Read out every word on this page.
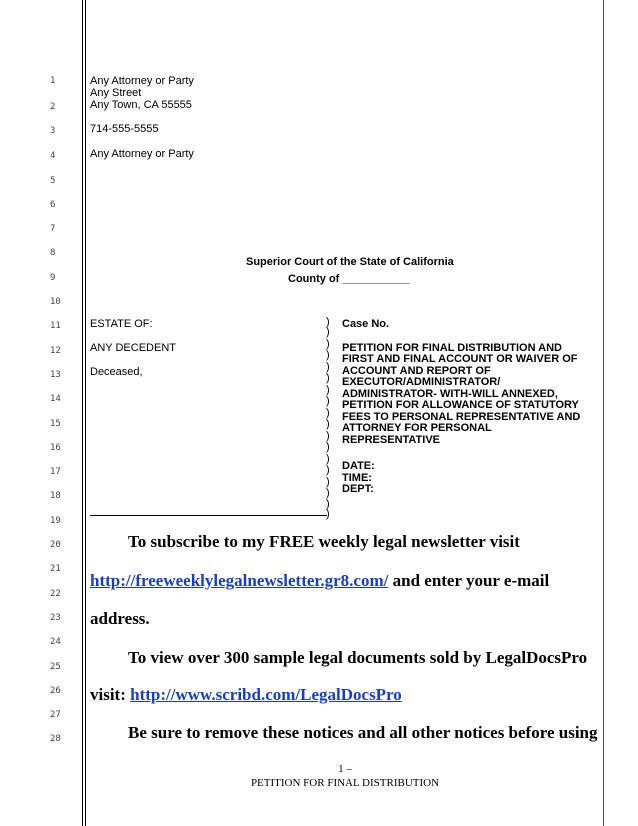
1
2
3
4
5
6
7
8
9
10
11
12
13
14
15
16
17
18
19
20
21
22
23
24
25
26
27
28
Any Attorney or Party
Any Street
Any Town, CA 55555
714-555-5555
Any Attorney or Party
Superior Court of the State of California
County of ___________
ESTATE OF:
ANY DECEDENT
Deceased,
)
)
)
)
)
)
)
)
)
)
)
)
)
)
)
)
)
)
Case No.
PETITION FOR FINAL DISTRIBUTION AND
FIRST AND FINAL ACCOUNT OR WAIVER OF
ACCOUNT AND REPORT OF
EXECUTOR/ADMINISTRATOR/
ADMINISTRATOR- WITH-WILL ANNEXED,
PETITION FOR ALLOWANCE OF STATUTORY
FEES TO PERSONAL REPRESENTATIVE AND
ATTORNEY FOR PERSONAL
REPRESENTATIVE
DATE:
TIME:
DEPT:
To subscribe to my FREE weekly legal newsletter visit
http://freeweeklylegalnewsletter.gr8.com/ and enter your e-mail
address.
To view over 300 sample legal documents sold by LegalDocsPro
visit: http://www.scribd.com/LegalDocsPro
Be sure to remove these notices and all other notices before using
1 –
PETITION FOR FINAL DISTRIBUTION
